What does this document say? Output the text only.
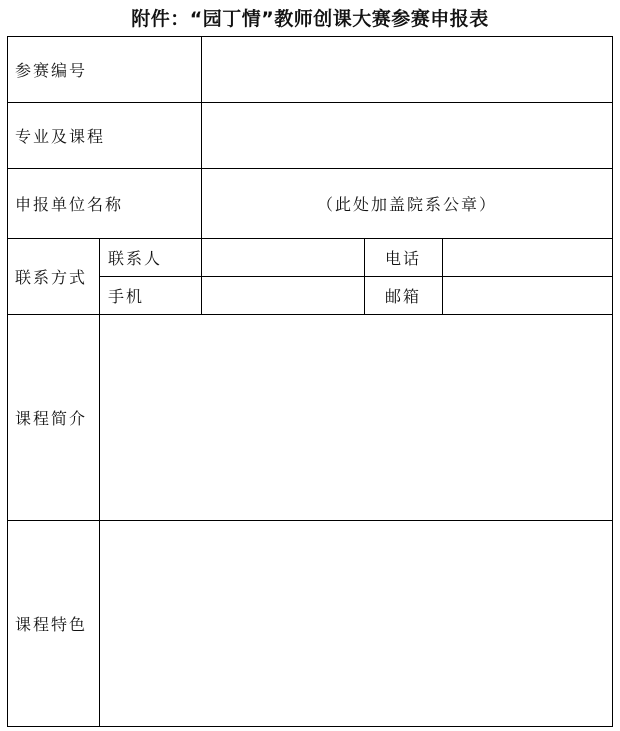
附件：“园丁情”教师创课大赛参赛申报表
参赛编号				
专业及课程				
申报单位名称		（此处加盖院系公章）		
联系方式	联系人		电话	
	手机		邮箱	
课程简介				
课程特色				
